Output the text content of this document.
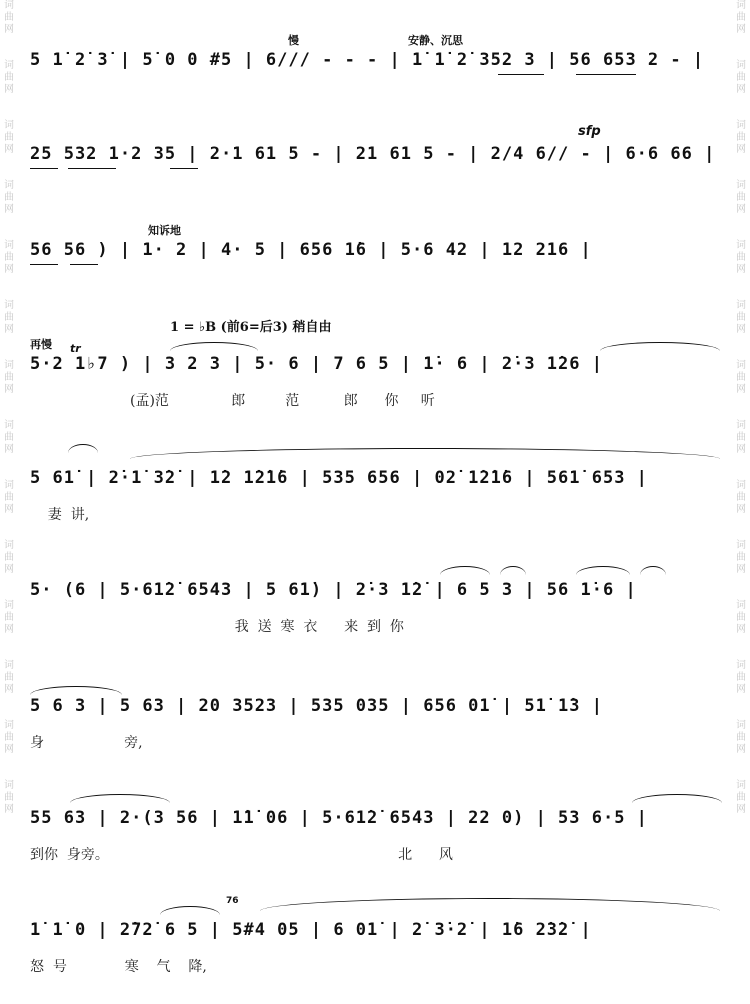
词曲网
词曲网
词曲网
词曲网
词曲网
词曲网
词曲网
词曲网
词曲网
词曲网
词曲网
词曲网
词曲网
词曲网
词曲网
词曲网
词曲网
词曲网
词曲网
词曲网
词曲网
词曲网
词曲网
词曲网
词曲网
词曲网
词曲网
词曲网
慢	安静、沉思
5 1̇ 2̇ 3̇ | 5̇ 0 0 #5 | 6/// - - - | 1̇ 1̇ 2̇ 352 3 | 56 653 2 - |
sfp
25 532 1·2 35 | 2·1 61 5 - | 21 61 5 - | 2/4 6// - | 6·6 66 |
知诉地
56 56 ) | 1· 2 | 4· 5 | 656 1̇6 | 5·6 42 | 12 216 |
1 = ♭B (前6=后3) 稍自由
再慢 tr
5·2 1♭7 ) | 3 2 3 | 5· 6 | 7 6 5 | 1̇· 6 | 2̇·3 1̇26 |
(孟)范              郎         范          郎      你     听
5 61̇ | 2̇·1̇ 3̇2̇ | 1̇2 1̇2̇1̇6 | 535 656 | 02̇ 1̇2̇1̇6 | 561̇ 653 |
妻  讲,
5· (6 | 5·61̇2̇ 6543 | 5 61̇) | 2̇·3 1̇2̇ | 6 5 3 | 56 1̇·6 |
我  送  寒  衣      来  到  你
5 6 3 | 5 63 | 20 3523 | 535 035 | 656 01̇ | 51̇ 1̇3 |
身                  旁,
55 63 | 2·(3 56 | 1̇1̇ 06 | 5·61̇2̇ 6543 | 22 0) | 53 6·5 |
到你  身旁。                                                                 北      风
76
1̇ 1̇ 0 | 2̇72̇ 6 5 | 5#4 05 | 6 01̇ | 2̇ 3̇·2̇ | 1̇6 2̇3̇2̇ |
怒  号             寒    气    降,
